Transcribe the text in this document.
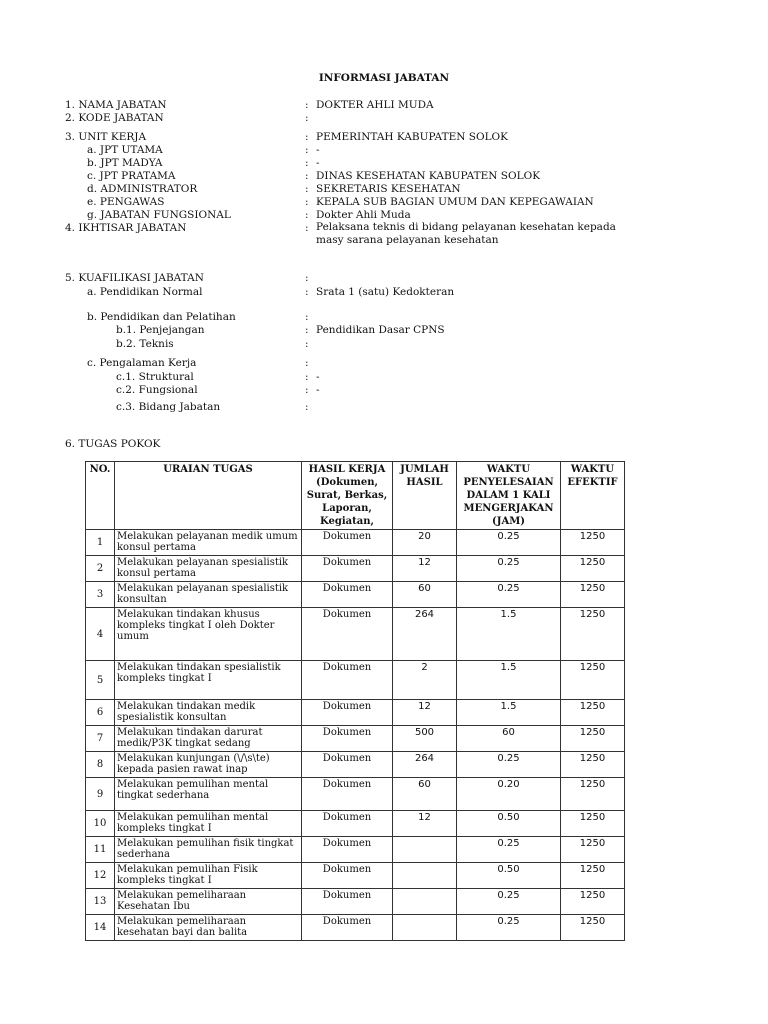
INFORMASI JABATAN
1. NAMA JABATAN	: DOKTER AHLI MUDA
2. KODE JABATAN	:
3. UNIT KERJA	: PEMERINTAH KABUPATEN SOLOK
a. JPT UTAMA	: -
b. JPT MADYA	: -
c. JPT PRATAMA	: DINAS KESEHATAN KABUPATEN SOLOK
d. ADMINISTRATOR	: SEKRETARIS KESEHATAN
e. PENGAWAS	: KEPALA SUB BAGIAN UMUM DAN KEPEGAWAIAN
g. JABATAN FUNGSIONAL	: Dokter Ahli Muda
4. IKHTISAR JABATAN	: Pelaksana teknis di bidang pelayanan kesehatan kepada masy sarana pelayanan kesehatan
5. KUAFILIKASI JABATAN	:
a. Pendidikan Normal	: Srata 1 (satu) Kedokteran
b. Pendidikan dan Pelatihan	:
b.1. Penjejangan	: Pendidikan Dasar CPNS
b.2. Teknis	:
c. Pengalaman Kerja	:
c.1. Struktural	: -
c.2. Fungsional	: -
c.3. Bidang Jabatan	:
6. TUGAS POKOK
NO.	URAIAN TUGAS	HASIL KERJA (Dokumen, Surat, Berkas, Laporan, Kegiatan,	JUMLAH HASIL	WAKTU PENYELESAIAN DALAM 1 KALI MENGERJAKAN (JAM)	WAKTU EFEKTIF
1	Melakukan pelayanan medik umum konsul pertama	Dokumen	20	0.25	1250
2	Melakukan pelayanan spesialistik konsul pertama	Dokumen	12	0.25	1250
3	Melakukan pelayanan spesialistik konsultan	Dokumen	60	0.25	1250
4	Melakukan tindakan khusus kompleks tingkat I oleh Dokter umum	Dokumen	264	1.5	1250
5	Melakukan tindakan spesialistik kompleks tingkat I	Dokumen	2	1.5	1250
6	Melakukan tindakan medik spesialistik konsultan	Dokumen	12	1.5	1250
7	Melakukan tindakan darurat medik/P3K tingkat sedang	Dokumen	500	60	1250
8	Melakukan kunjungan (\/\s\te) kepada pasien rawat inap	Dokumen	264	0.25	1250
9	Melakukan pemulihan mental tingkat sederhana	Dokumen	60	0.20	1250
10	Melakukan pemulihan mental kompleks tingkat I	Dokumen	12	0.50	1250
11	Melakukan pemulihan fisik tingkat sederhana	Dokumen		0.25	1250
12	Melakukan pemulihan Fisik kompleks tingkat I	Dokumen		0.50	1250
13	Melakukan pemeliharaan Kesehatan Ibu	Dokumen		0.25	1250
14	Melakukan pemeliharaan kesehatan bayi dan balita	Dokumen		0.25	1250
